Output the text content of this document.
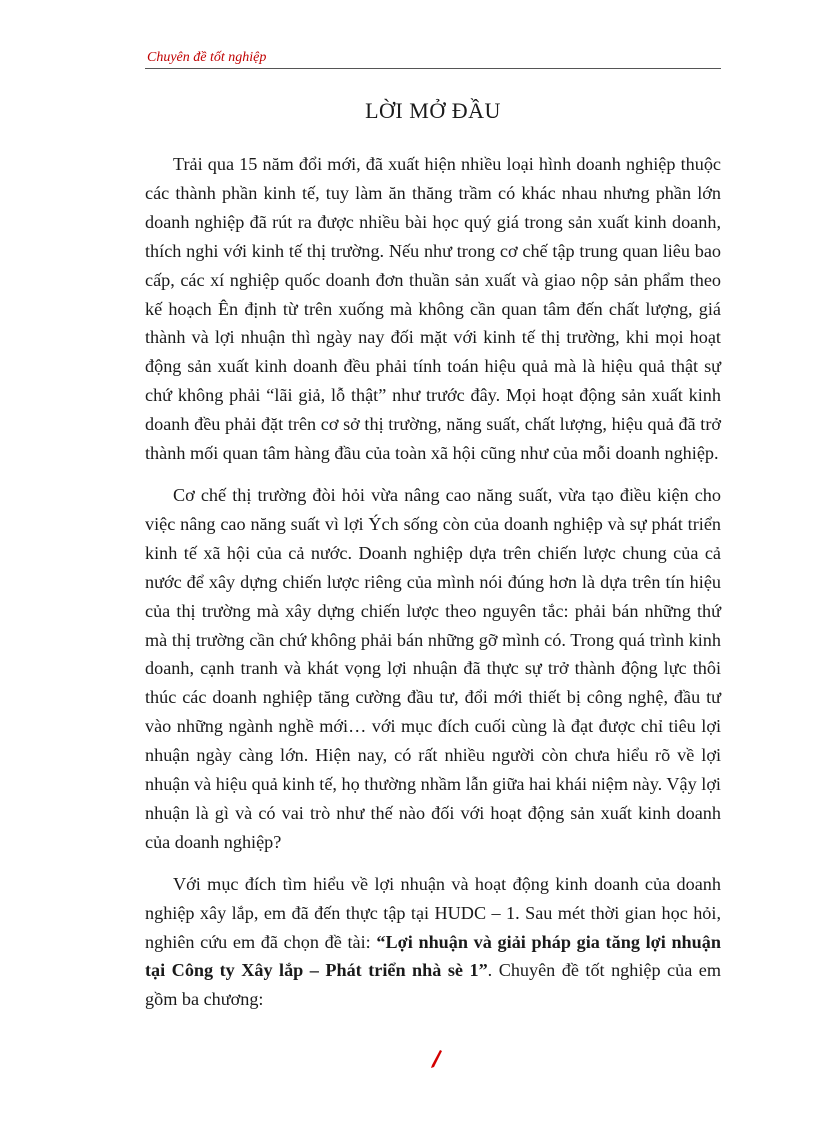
Chuyên đề tốt nghiệp
LỜI MỞ ĐẦU

Trải qua 15 năm đổi mới, đã xuất hiện nhiều loại hình doanh nghiệp thuộc các thành phần kinh tế, tuy làm ăn thăng trầm có khác nhau nhưng phần lớn doanh nghiệp đã rút ra được nhiều bài học quý giá trong sản xuất kinh doanh, thích nghi với kinh tế thị trường. Nếu như trong cơ chế tập trung quan liêu bao cấp, các xí nghiệp quốc doanh đơn thuần sản xuất và giao nộp sản phẩm theo kế hoạch Ên định từ trên xuống mà không cần quan tâm đến chất lượng, giá thành và lợi nhuận thì ngày nay đối mặt với kinh tế thị trường, khi mọi hoạt động sản xuất kinh doanh đều phải tính toán hiệu quả mà là hiệu quả thật sự chứ không phải “lãi giả, lỗ thật” như trước đây. Mọi hoạt động sản xuất kinh doanh đều phải đặt trên cơ sở thị trường, năng suất, chất lượng, hiệu quả đã trở thành mối quan tâm hàng đầu của toàn xã hội cũng như của mỗi doanh nghiệp.

Cơ chế thị trường đòi hỏi vừa nâng cao năng suất, vừa tạo điều kiện cho việc nâng cao năng suất vì lợi Ých sống còn của doanh nghiệp và sự phát triển kinh tế xã hội của cả nước. Doanh nghiệp dựa trên chiến lược chung của cả nước để xây dựng chiến lược riêng của mình nói đúng hơn là dựa trên tín hiệu của thị trường mà xây dựng chiến lược theo nguyên tắc: phải bán những thứ mà thị trường cần chứ không phải bán những gỡ mình có. Trong quá trình kinh doanh, cạnh tranh và khát vọng lợi nhuận đã thực sự trở thành động lực thôi thúc các doanh nghiệp tăng cường đầu tư, đổi mới thiết bị công nghệ, đầu tư vào những ngành nghề mới… với mục đích cuối cùng là đạt được chỉ tiêu lợi nhuận ngày càng lớn. Hiện nay, có rất nhiều người còn chưa hiểu rõ về lợi nhuận và hiệu quả kinh tế, họ thường nhầm lẫn giữa hai khái niệm này. Vậy lợi nhuận là gì và có vai trò như thế nào đối với hoạt động sản xuất kinh doanh của doanh nghiệp?

Với mục đích tìm hiểu về lợi nhuận và hoạt động kinh doanh của doanh nghiệp xây lắp, em đã đến thực tập tại HUDC – 1. Sau mét thời gian học hỏi, nghiên cứu em đã chọn đề tài: “Lợi nhuận và giải pháp gia tăng lợi nhuận tại Công ty Xây lắp – Phát triển nhà sè 1”. Chuyên đề tốt nghiệp của em gồm ba chương:
